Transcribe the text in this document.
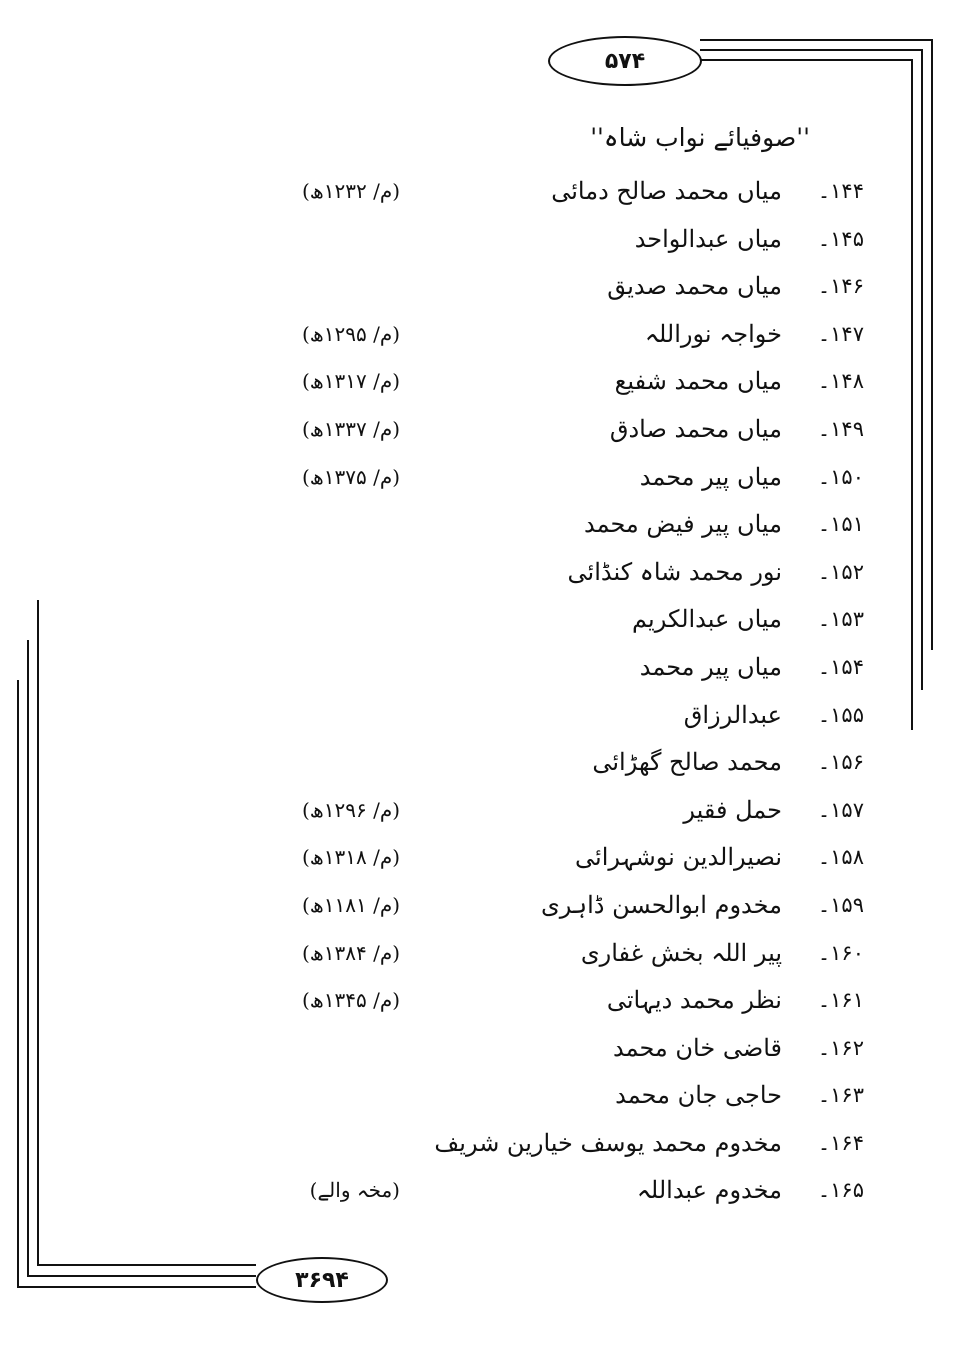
۵۷۴
''صوفیائے نواب شاہ''
۱۴۴۔
میاں محمد صالح دمائی
(م/ ۱۲۳۲ھ)
۱۴۵۔
میاں عبدالواحد
۱۴۶۔
میاں محمد صدیق
۱۴۷۔
خواجہ نوراللہ
(م/ ۱۲۹۵ھ)
۱۴۸۔
میاں محمد شفیع
(م/ ۱۳۱۷ھ)
۱۴۹۔
میاں محمد صادق
(م/ ۱۳۳۷ھ)
۱۵۰۔
میاں پیر محمد
(م/ ۱۳۷۵ھ)
۱۵۱۔
میاں پیر فیض محمد
۱۵۲۔
نور محمد شاہ کنڈائی
۱۵۳۔
میاں عبدالکریم
۱۵۴۔
میاں پیر محمد
۱۵۵۔
عبدالرزاق
۱۵۶۔
محمد صالح گھڑائی
۱۵۷۔
حمل فقیر
(م/ ۱۲۹۶ھ)
۱۵۸۔
نصیرالدین نوشہرائی
(م/ ۱۳۱۸ھ)
۱۵۹۔
مخدوم ابوالحسن ڈاہری
(م/ ۱۱۸۱ھ)
۱۶۰۔
پیر اللہ بخش غفاری
(م/ ۱۳۸۴ھ)
۱۶۱۔
نظر محمد دیہاتی
(م/ ۱۳۴۵ھ)
۱۶۲۔
قاضی خان محمد
۱۶۳۔
حاجی جان محمد
۱۶۴۔
مخدوم محمد یوسف خیارین شریف
۱۶۵۔
مخدوم عبداللہ
(مخہ والے)
۳۶۹۴
